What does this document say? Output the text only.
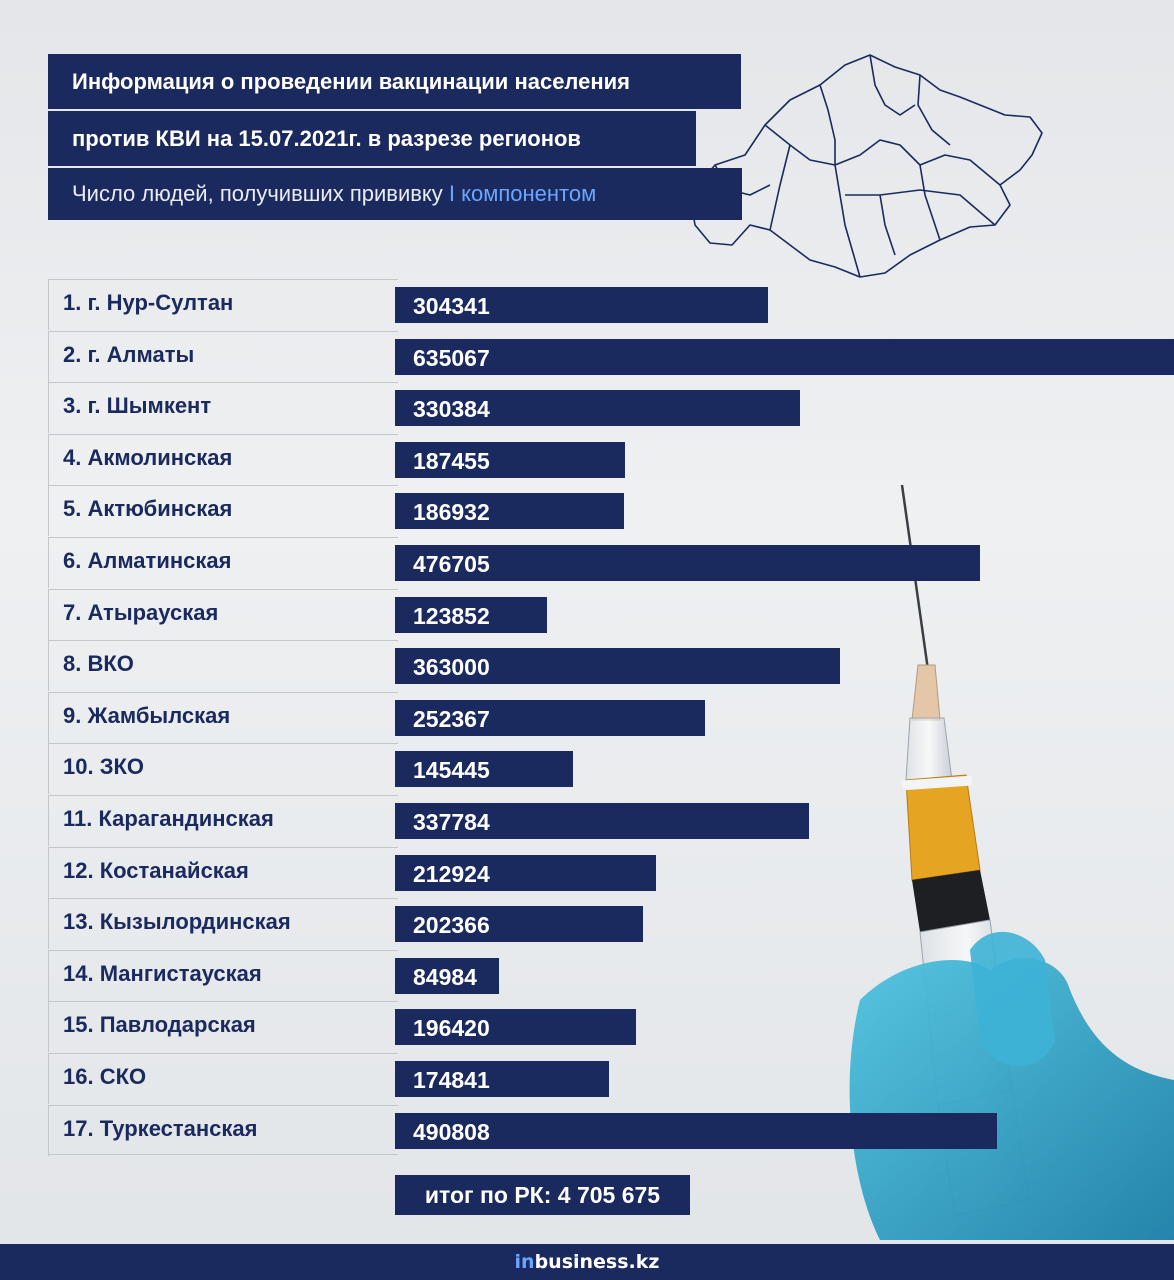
Информация о проведении вакцинации населения
против КВИ на 15.07.2021г. в разрезе регионов
Число людей, получивших прививку I компонентом
1. г. Нур-Султан
2. г. Алматы
3. г. Шымкент
4. Акмолинская
5. Актюбинская
6. Алматинская
7. Атырауская
8. ВКО
9. Жамбылская
10. ЗКО
11. Карагандинская
12. Костанайская
13. Кызылординская
14. Мангистауская
15. Павлодарская
16. СКО
17. Туркестанская
304341
635067
330384
187455
186932
476705
123852
363000
252367
145445
337784
212924
202366
84984
196420
174841
490808
итог по РК: 4 705 675
inbusiness.kz
